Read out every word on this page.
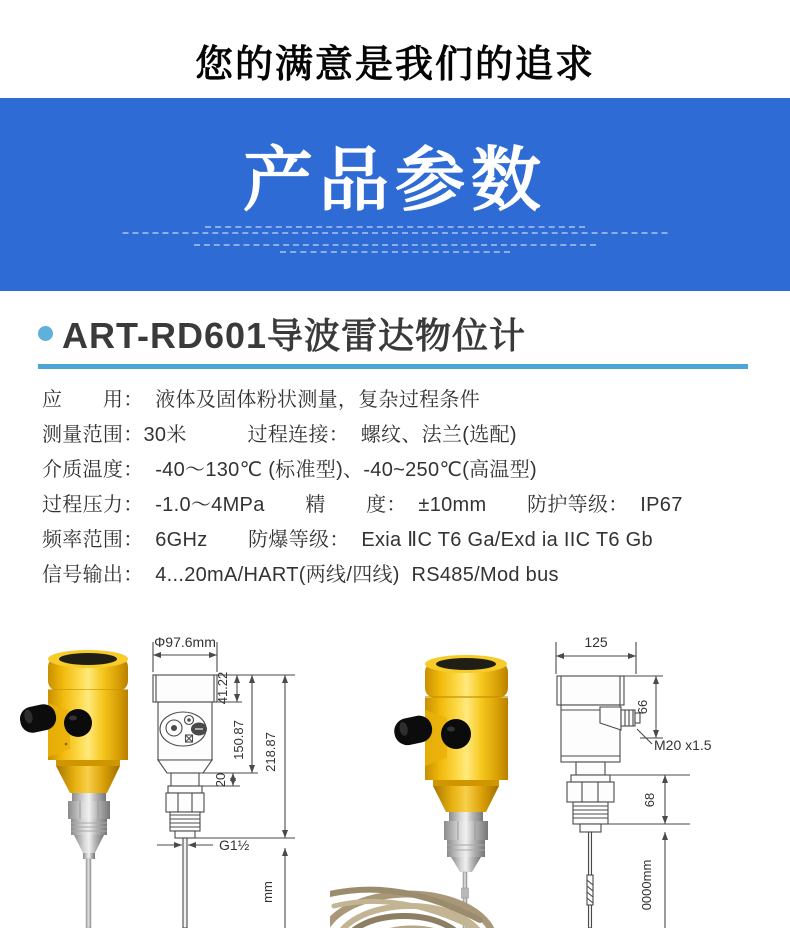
您的满意是我们的追求
产品参数
ART-RD601导波雷达物位计
应　　用：  液体及固体粉状测量，复杂过程条件
测量范围：30米　　　过程连接：  螺纹、法兰(选配)
介质温度：  -40～130℃ (标准型)、-40~250℃(高温型)
过程压力：  -1.0～4MPa　　精　　度：  ±10mm　　防护等级：  IP67
频率范围：  6GHz　　防爆等级：  Exia ⅡC T6 Ga/Exd ia IIC T6 Gb
信号输出：  4...20mA/HART(两线/四线)  RS485/Mod bus
Φ97.6mm
41.22
150.87
20
218.87
G1½
mm
125
66
M20 x1.5
68
0000mm
